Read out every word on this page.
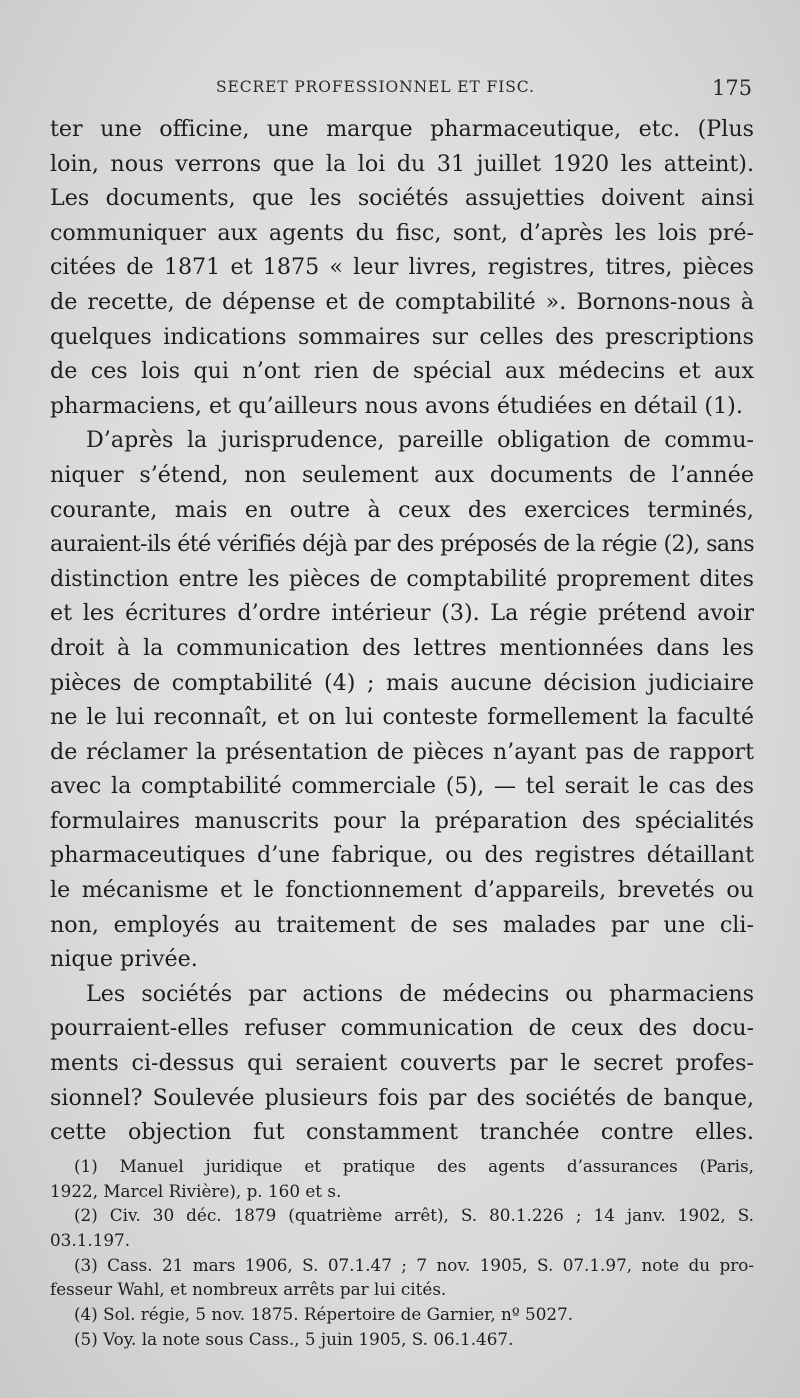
SECRET PROFESSIONNEL ET FISC.	175
ter une officine, une marque pharmaceutique, etc. (Plus
loin, nous verrons que la loi du 31 juillet 1920 les atteint).
Les documents, que les sociétés assujetties doivent ainsi
communiquer aux agents du fisc, sont, d’après les lois pré-
citées de 1871 et 1875 « leur livres, registres, titres, pièces
de recette, de dépense et de comptabilité ». Bornons-nous à
quelques indications sommaires sur celles des prescriptions
de ces lois qui n’ont rien de spécial aux médecins et aux
pharmaciens, et qu’ailleurs nous avons étudiées en détail (1).
D’après la jurisprudence, pareille obligation de commu-
niquer s’étend, non seulement aux documents de l’année
courante, mais en outre à ceux des exercices terminés,
auraient-ils été vérifiés déjà par des préposés de la régie (2), sans
distinction entre les pièces de comptabilité proprement dites
et les écritures d’ordre intérieur (3). La régie prétend avoir
droit à la communication des lettres mentionnées dans les
pièces de comptabilité (4) ; mais aucune décision judiciaire
ne le lui reconnaît, et on lui conteste formellement la faculté
de réclamer la présentation de pièces n’ayant pas de rapport
avec la comptabilité commerciale (5), — tel serait le cas des
formulaires manuscrits pour la préparation des spécialités
pharmaceutiques d’une fabrique, ou des registres détaillant
le mécanisme et le fonctionnement d’appareils, brevetés ou
non, employés au traitement de ses malades par une cli-
nique privée.
Les sociétés par actions de médecins ou pharmaciens
pourraient-elles refuser communication de ceux des docu-
ments ci-dessus qui seraient couverts par le secret profes-
sionnel? Soulevée plusieurs fois par des sociétés de banque,
cette objection fut constamment tranchée contre elles.
(1) Manuel juridique et pratique des agents d’assurances (Paris,
1922, Marcel Rivière), p. 160 et s.
(2) Civ. 30 déc. 1879 (quatrième arrêt), S. 80.1.226 ; 14 janv. 1902, S.
03.1.197.
(3) Cass. 21 mars 1906, S. 07.1.47 ; 7 nov. 1905, S. 07.1.97, note du pro-
fesseur Wahl, et nombreux arrêts par lui cités.
(4) Sol. régie, 5 nov. 1875. Répertoire de Garnier, nº 5027.
(5) Voy. la note sous Cass., 5 juin 1905, S. 06.1.467.
